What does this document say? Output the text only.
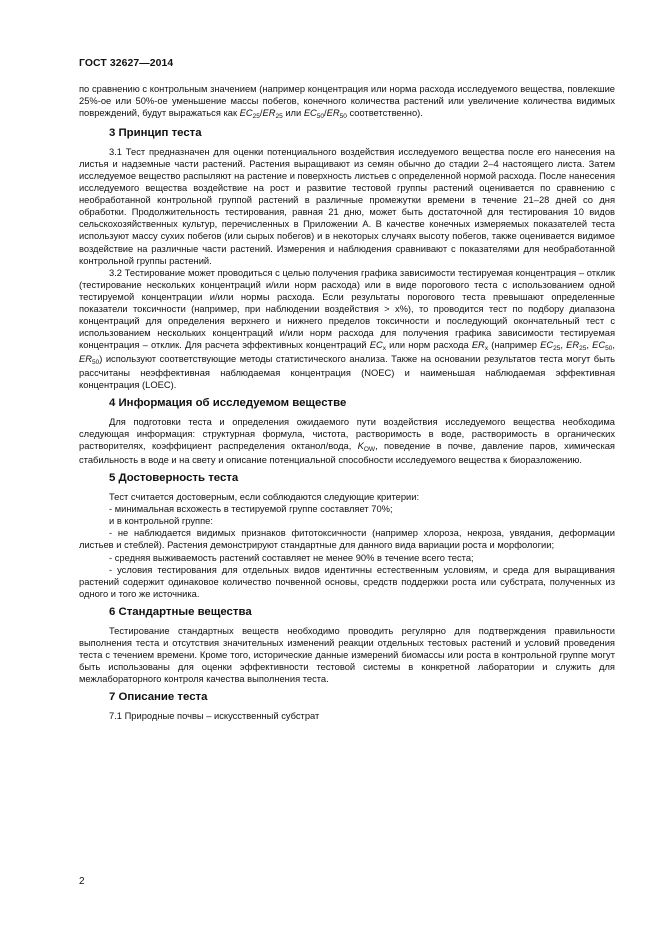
ГОСТ 32627—2014

по сравнению с контрольным значением (например концентрация или норма расхода исследуемого вещества, повлекшие 25%-ое или 50%-ое уменьшение массы побегов, конечного количества растений или увеличение количества видимых повреждений, будут выражаться как $EC_{25}/ER_{25}$ или $EC_{50}/ER_{50}$ соответственно).

3 Принцип теста

3.1 Тест предназначен для оценки потенциального воздействия исследуемого вещества после его нанесения на листья и надземные части растений. Растения выращивают из семян обычно до стадии 2–4 настоящего листа. Затем исследуемое вещество распыляют на растение и поверхность листьев с определенной нормой расхода. После нанесения исследуемого вещества воздействие на рост и развитие тестовой группы растений оценивается по сравнению с необработанной контрольной группой растений в различные промежутки времени в течение 21–28 дней со дня обработки. Продолжительность тестирования, равная 21 дню, может быть достаточной для тестирования 10 видов сельскохозяйственных культур, перечисленных в Приложении А. В качестве конечных измеряемых показателей теста используют массу сухих побегов (или сырых побегов) и в некоторых случаях высоту побегов, также оценивается видимое воздействие на различные части растений. Измерения и наблюдения сравнивают с показателями для необработанной контрольной группы растений.

3.2 Тестирование может проводиться с целью получения графика зависимости тестируемая концентрация – отклик (тестирование нескольких концентраций и/или норм расхода) или в виде порогового теста с использованием одной тестируемой концентрации и/или нормы расхода. Если результаты порогового теста превышают определенные показатели токсичности (например, при наблюдении воздействия > x%), то проводится тест по подбору диапазона концентраций для определения верхнего и нижнего пределов токсичности и последующий окончательный тест с использованием нескольких концентраций и/или норм расхода для получения графика зависимости тестируемая концентрация – отклик. Для расчета эффективных концентраций $EC_x$ или норм расхода $ER_x$ (например $EC_{25}$, $ER_{25}$, $EC_{50}$, $ER_{50}$) используют соответствующие методы статистического анализа. Также на основании результатов теста могут быть рассчитаны неэффективная наблюдаемая концентрация (NOEC) и наименьшая наблюдаемая эффективная концентрация (LOEC).

4 Информация об исследуемом веществе

Для подготовки теста и определения ожидаемого пути воздействия исследуемого вещества необходима следующая информация: структурная формула, чистота, растворимость в воде, растворимость в органических растворителях, коэффициент распределения октанол/вода, $K_{OW}$, поведение в почве, давление паров, химическая стабильность в воде и на свету и описание потенциальной способности исследуемого вещества к биоразложению.

5 Достоверность теста

Тест считается достоверным, если соблюдаются следующие критерии:

- минимальная всхожесть в тестируемой группе составляет 70%;

и в контрольной группе:

- не наблюдается видимых признаков фитотоксичности (например хлороза, некроза, увядания, деформации листьев и стеблей). Растения демонстрируют стандартные для данного вида вариации роста и морфологии;

- средняя выживаемость растений составляет не менее 90% в течение всего теста;

- условия тестирования для отдельных видов идентичны естественным условиям, и среда для выращивания растений содержит одинаковое количество почвенной основы, средств поддержки роста или субстрата, полученных из одного и того же источника.

6 Стандартные вещества

Тестирование стандартных веществ необходимо проводить регулярно для подтверждения правильности выполнения теста и отсутствия значительных изменений реакции отдельных тестовых растений и условий проведения теста с течением времени. Кроме того, исторические данные измерений биомассы или роста в контрольной группе могут быть использованы для оценки эффективности тестовой системы в конкретной лаборатории и служить для межлабораторного контроля качества выполнения теста.

7 Описание теста

7.1 Природные почвы – искусственный субстрат

2
